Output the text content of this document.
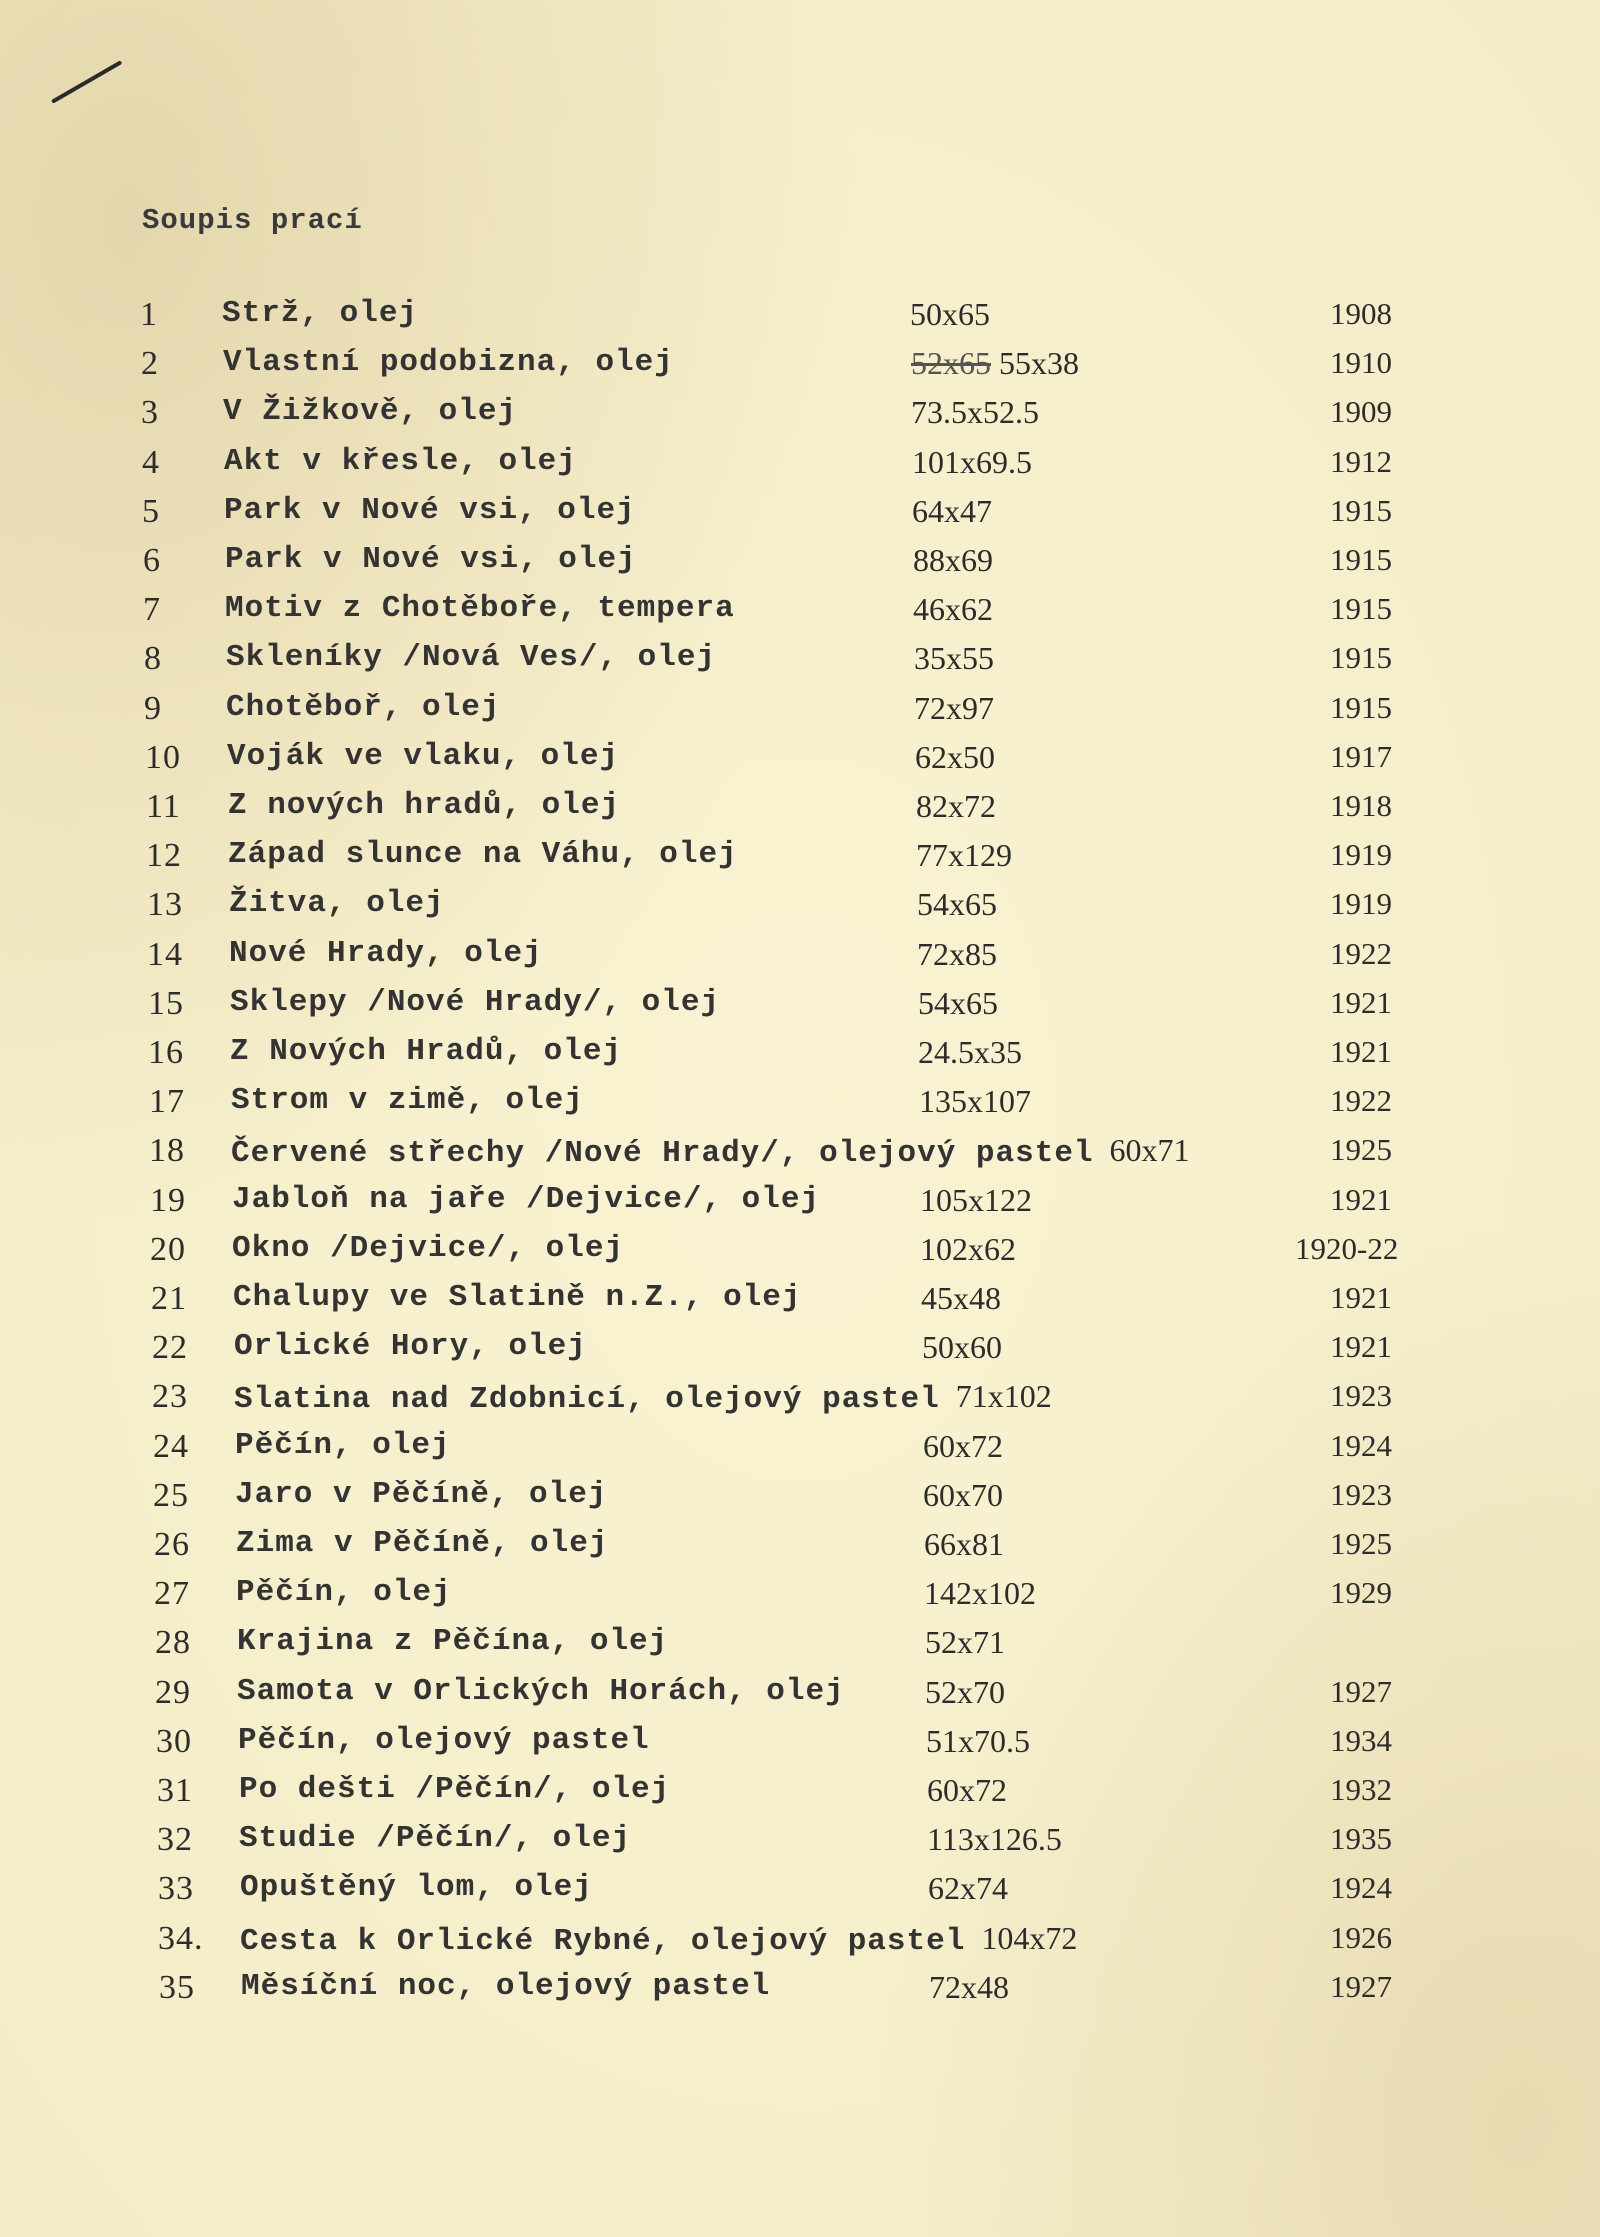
Soupis prací
1 Strž, olej	50x65	1908
2 Vlastní podobizna, olej	52x65 55x38	1910
3 V Žižkově, olej	73.5x52.5	1909
4 Akt v křesle, olej	101x69.5	1912
5 Park v Nové vsi, olej	64x47	1915
6 Park v Nové vsi, olej	88x69	1915
7 Motiv z Chotěboře, tempera	46x62	1915
8 Skleníky /Nová Ves/, olej	35x55	1915
9 Chotěboř, olej	72x97	1915
10 Voják ve vlaku, olej	62x50	1917
11 Z nových hradů, olej	82x72	1918
12 Západ slunce na Váhu, olej	77x129	1919
13 Žitva, olej	54x65	1919
14 Nové Hrady, olej	72x85	1922
15 Sklepy /Nové Hrady/, olej	54x65	1921
16 Z Nových Hradů, olej	24.5x35	1921
17 Strom v zimě, olej	135x107	1922
18 Červené střechy /Nové Hrady/, olejový pastel 60x71	1925
19 Jabloň na jaře /Dejvice/, olej	105x122	1921
20 Okno /Dejvice/, olej	102x62	1920-22
21 Chalupy ve Slatině n.Z., olej	45x48	1921
22 Orlické Hory, olej	50x60	1921
23 Slatina nad Zdobnicí, olejový pastel 71x102	1923
24 Pěčín, olej	60x72	1924
25 Jaro v Pěčíně, olej	60x70	1923
26 Zima v Pěčíně, olej	66x81	1925
27 Pěčín, olej	142x102	1929
28 Krajina z Pěčína, olej	52x71
29 Samota v Orlických Horách, olej	52x70	1927
30 Pěčín, olejový pastel	51x70.5	1934
31 Po dešti /Pěčín/, olej	60x72	1932
32 Studie /Pěčín/, olej	113x126.5	1935
33 Opuštěný lom, olej	62x74	1924
34. Cesta k Orlické Rybné, olejový pastel 104x72	1926
35 Měsíční noc, olejový pastel	72x48	1927
